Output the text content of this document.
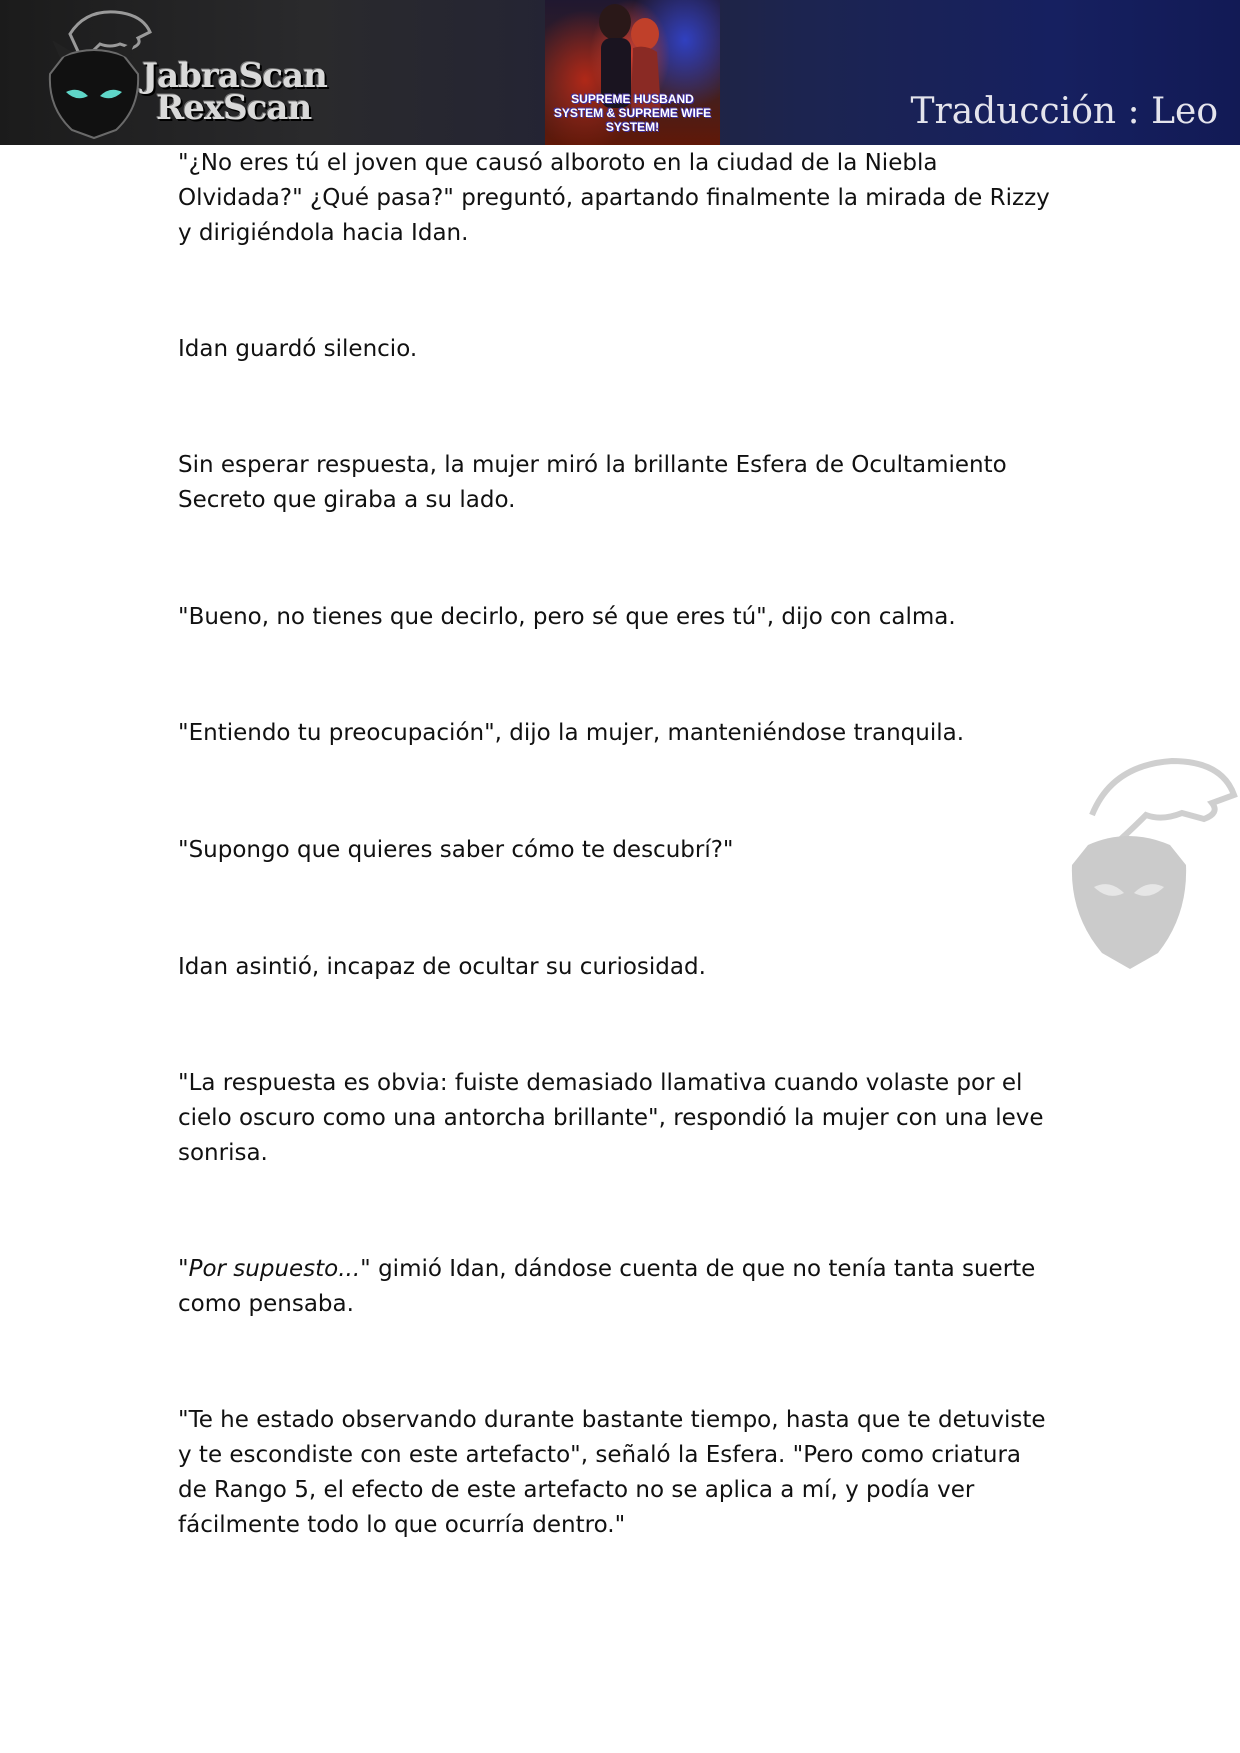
JabraScan
RexScan	SUPREME HUSBAND SYSTEM & SUPREME WIFE SYSTEM!	Traducción : Leo

"¿No eres tú el joven que causó alboroto en la ciudad de la Niebla
Olvidada?" ¿Qué pasa?" preguntó, apartando finalmente la mirada de Rizzy
y dirigiéndola hacia Idan.

Idan guardó silencio.

Sin esperar respuesta, la mujer miró la brillante Esfera de Ocultamiento
Secreto que giraba a su lado.

"Bueno, no tienes que decirlo, pero sé que eres tú", dijo con calma.

"Entiendo tu preocupación", dijo la mujer, manteniéndose tranquila.

"Supongo que quieres saber cómo te descubrí?"

Idan asintió, incapaz de ocultar su curiosidad.

"La respuesta es obvia: fuiste demasiado llamativa cuando volaste por el
cielo oscuro como una antorcha brillante", respondió la mujer con una leve
sonrisa.

"Por supuesto..." gimió Idan, dándose cuenta de que no tenía tanta suerte
como pensaba.

"Te he estado observando durante bastante tiempo, hasta que te detuviste
y te escondiste con este artefacto", señaló la Esfera. "Pero como criatura
de Rango 5, el efecto de este artefacto no se aplica a mí, y podía ver
fácilmente todo lo que ocurría dentro."
